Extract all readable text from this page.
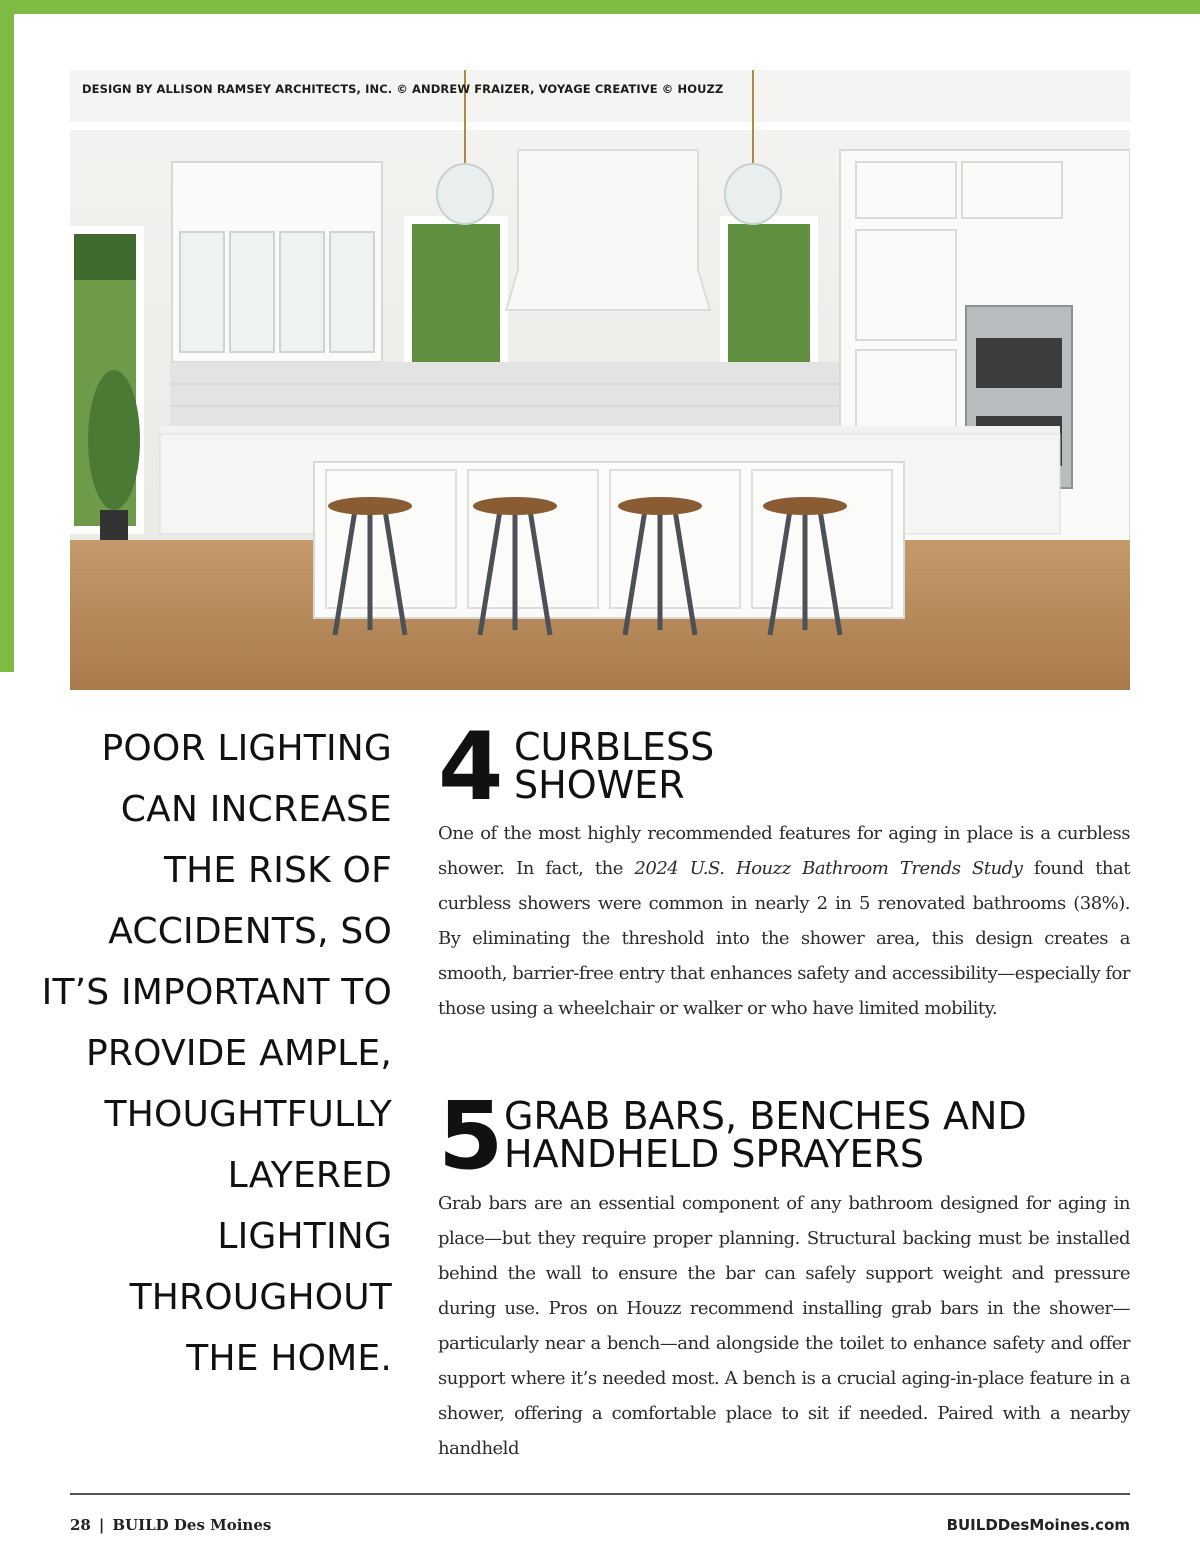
DESIGN BY ALLISON RAMSEY ARCHITECTS, INC. © ANDREW FRAIZER, VOYAGE CREATIVE © HOUZZ
POOR LIGHTING
CAN INCREASE
THE RISK OF
ACCIDENTS, SO
IT’S IMPORTANT TO
PROVIDE AMPLE,
THOUGHTFULLY
LAYERED
LIGHTING
THROUGHOUT
THE HOME.
4 CURBLESS
SHOWER
One of the most highly recommended features for aging in place is a curbless shower. In fact, the 2024 U.S. Houzz Bathroom Trends Study found that curbless showers were common in nearly 2 in 5 renovated bathrooms (38%). By eliminating the threshold into the shower area, this design creates a smooth, barrier-free entry that enhances safety and accessibility—especially for those using a wheelchair or walker or who have limited mobility.
5 GRAB BARS, BENCHES AND
HANDHELD SPRAYERS
Grab bars are an essential component of any bathroom designed for aging in place—but they require proper planning. Structural backing must be installed behind the wall to ensure the bar can safely support weight and pressure during use. Pros on Houzz recommend installing grab bars in the shower—particularly near a bench—and alongside the toilet to enhance safety and offer support where it’s needed most. A bench is a crucial aging-in-place feature in a shower, offering a comfortable place to sit if needed. Paired with a nearby handheld
28 | BUILD Des Moines	BUILDDesMoines.com
